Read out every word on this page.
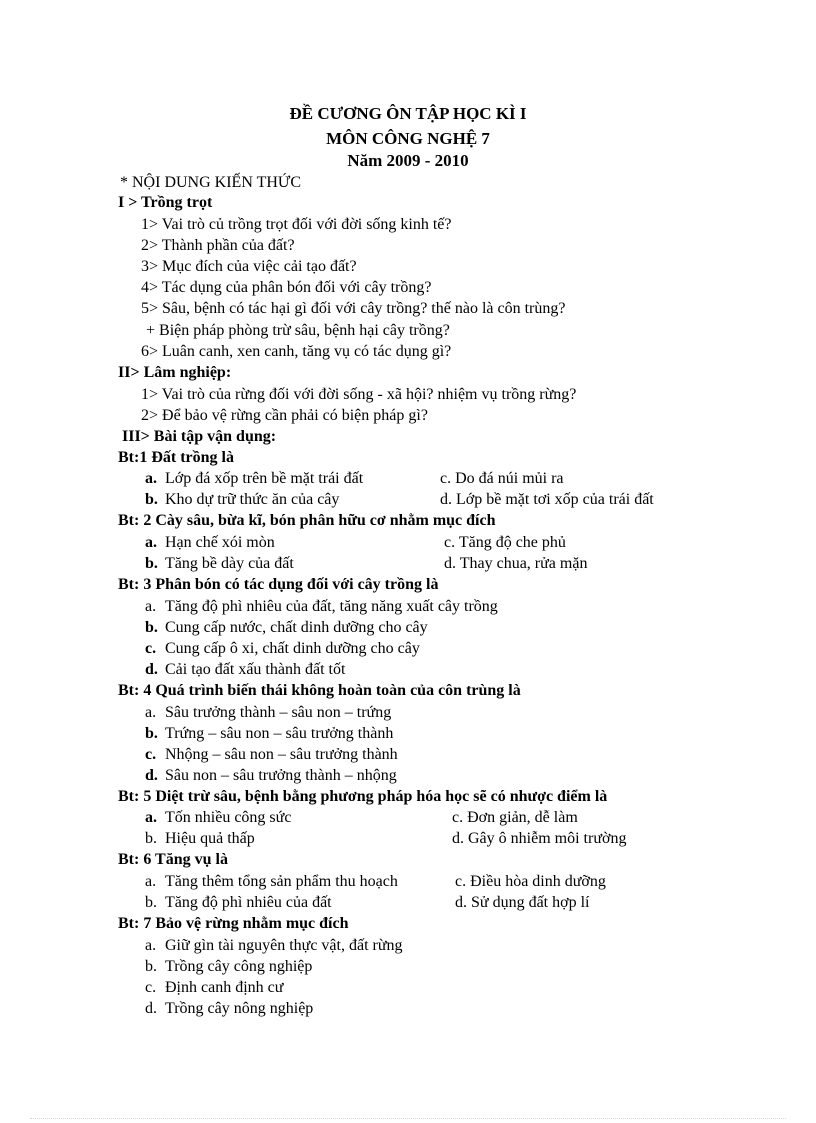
ĐỀ CƯƠNG ÔN TẬP HỌC KÌ I
MÔN CÔNG NGHỆ 7
Năm 2009 - 2010
* NỘI DUNG KIẾN THỨC
I > Trồng trọt
1> Vai trò củ trồng trọt đối với đời sống kinh tế?
2> Thành phần của đất?
3> Mục đích của việc cải tạo đất?
4> Tác dụng của phân bón đối với cây trồng?
5> Sâu, bệnh có tác hại gì đối với cây trồng? thế nào là côn trùng?
+ Biện pháp phòng trừ sâu, bệnh hại cây trồng?
6> Luân canh, xen canh, tăng vụ có tác dụng gì?
II> Lâm nghiệp:
1> Vai trò của rừng đối với đời sống - xã hội? nhiệm vụ trồng rừng?
2> Để bảo vệ rừng cần phải có biện pháp gì?
III> Bài tập vận dụng:
Bt:1 Đất trồng là
a. Lớp đá xốp trên bề mặt trái đất	c. Do đá núi mủi ra
b. Kho dự trữ thức ăn của cây	d. Lớp bề mặt tơi xốp của trái đất
Bt: 2 Cày sâu, bừa kĩ, bón phân hữu cơ nhằm mục đích
a. Hạn chế xói mòn	c. Tăng độ che phủ
b. Tăng bề dày của đất	d. Thay chua, rửa mặn
Bt: 3 Phân bón có tác dụng đối với cây trồng là
a. Tăng độ phì nhiêu của đất, tăng năng xuất cây trồng
b. Cung cấp nước, chất dinh dưỡng cho cây
c. Cung cấp ô xi, chất dinh dưỡng cho cây
d. Cải tạo đất xấu thành đất tốt
Bt: 4 Quá trình biến thái không hoàn toàn của côn trùng là
a. Sâu trưởng thành – sâu non – trứng
b. Trứng – sâu non – sâu trưởng thành
c. Nhộng – sâu non – sâu trưởng thành
d. Sâu non – sâu trưởng thành – nhộng
Bt: 5 Diệt trừ sâu, bệnh bằng phương pháp hóa học sẽ có nhược điểm là
a. Tốn nhiều công sức	c. Đơn giản, dễ làm
b. Hiệu quả thấp	d. Gây ô nhiễm môi trường
Bt: 6 Tăng vụ là
a. Tăng thêm tổng sản phẩm thu hoạch	c. Điều hòa dinh dưỡng
b. Tăng độ phì nhiêu của đất	d. Sử dụng đất hợp lí
Bt: 7 Bảo vệ rừng nhằm mục đích
a. Giữ gìn tài nguyên thực vật, đất rừng
b. Trồng cây công nghiệp
c. Định canh định cư
d. Trồng cây nông nghiệp
